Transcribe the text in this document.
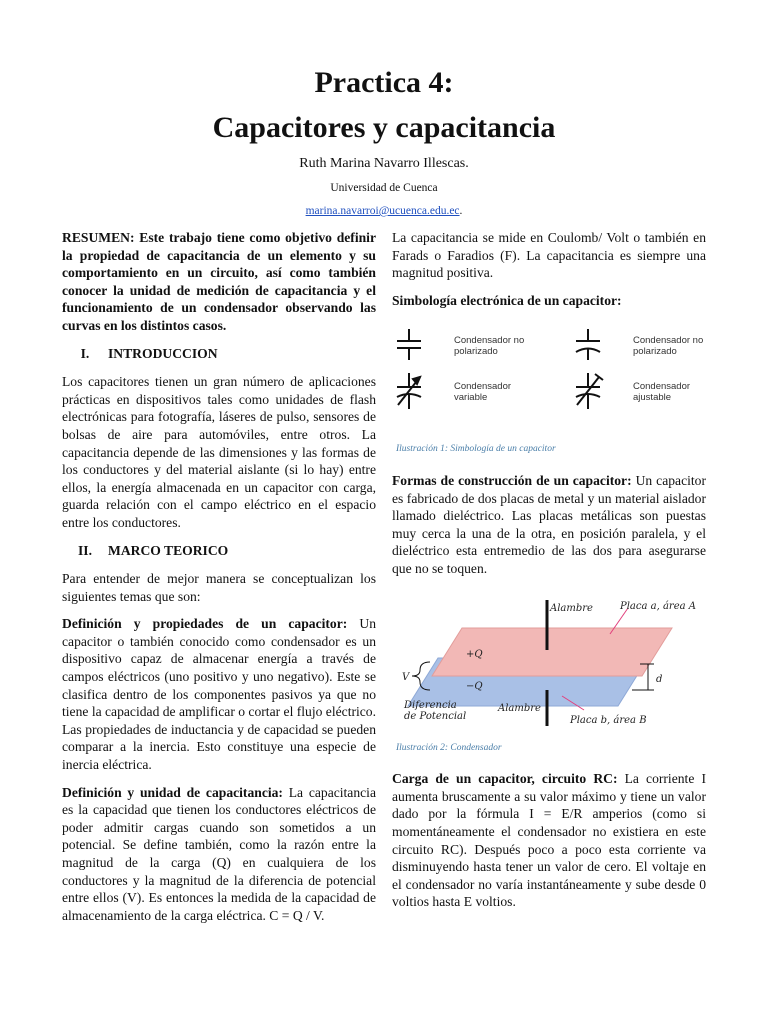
Practica 4:
Capacitores y capacitancia
Ruth Marina Navarro Illescas.
Universidad de Cuenca
marina.navarroi@ucuenca.edu.ec.

RESUMEN: Este trabajo tiene como objetivo definir la propiedad de capacitancia de un elemento y su comportamiento en un circuito, así como también conocer la unidad de medición de capacitancia y el funcionamiento de un condensador observando las curvas en los distintos casos.

I.	INTRODUCCION

Los capacitores tienen un gran número de aplicaciones prácticas en dispositivos tales como unidades de flash electrónicas para fotografía, láseres de pulso, sensores de bolsas de aire para automóviles, entre otros. La capacitancia depende de las dimensiones y las formas de los conductores y del material aislante (si lo hay) entre ellos, la energía almacenada en un capacitor con carga, guarda relación con el campo eléctrico en el espacio entre los conductores.

II.	MARCO TEORICO

Para entender de mejor manera se conceptualizan los siguientes temas que son:

Definición y propiedades de un capacitor: Un capacitor o también conocido como condensador es un dispositivo capaz de almacenar energía a través de campos eléctricos (uno positivo y uno negativo). Este se clasifica dentro de los componentes pasivos ya que no tiene la capacidad de amplificar o cortar el flujo eléctrico. Las propiedades de inductancia y de capacidad se pueden comparar a la inercia. Esto constituye una especie de inercia eléctrica.

Definición y unidad de capacitancia: La capacitancia es la capacidad que tienen los conductores eléctricos de poder admitir cargas cuando son sometidos a un potencial. Se define también, como la razón entre la magnitud de la carga (Q) en cualquiera de los conductores y la magnitud de la diferencia de potencial entre ellos (V). Es entonces la medida de la capacidad de almacenamiento de la carga eléctrica. C = Q / V.

La capacitancia se mide en Coulomb/ Volt o también en Farads o Faradios (F). La capacitancia es siempre una magnitud positiva.

Simbología electrónica de un capacitor:

Condensador no polarizado
Condensador no polarizado
Condensador variable
Condensador ajustable
Ilustración 1: Simbología de un capacitor

Formas de construcción de un capacitor: Un capacitor es fabricado de dos placas de metal y un material aislador llamado dieléctrico. Las placas metálicas son puestas muy cerca la una de la otra, en posición paralela, y el dieléctrico esta entremedio de las dos para asegurarse que no se toquen.

Alambre	Placa a, área A
+Q
−Q
V	d
Diferencia
de Potencial
Alambre
Placa b, área B
Ilustración 2: Condensador

Carga de un capacitor, circuito RC: La corriente I aumenta bruscamente a su valor máximo y tiene un valor dado por la fórmula I = E/R amperios (como si momentáneamente el condensador no existiera en este circuito RC). Después poco a poco esta corriente va disminuyendo hasta tener un valor de cero. El voltaje en el condensador no varía instantáneamente y sube desde 0 voltios hasta E voltios.
